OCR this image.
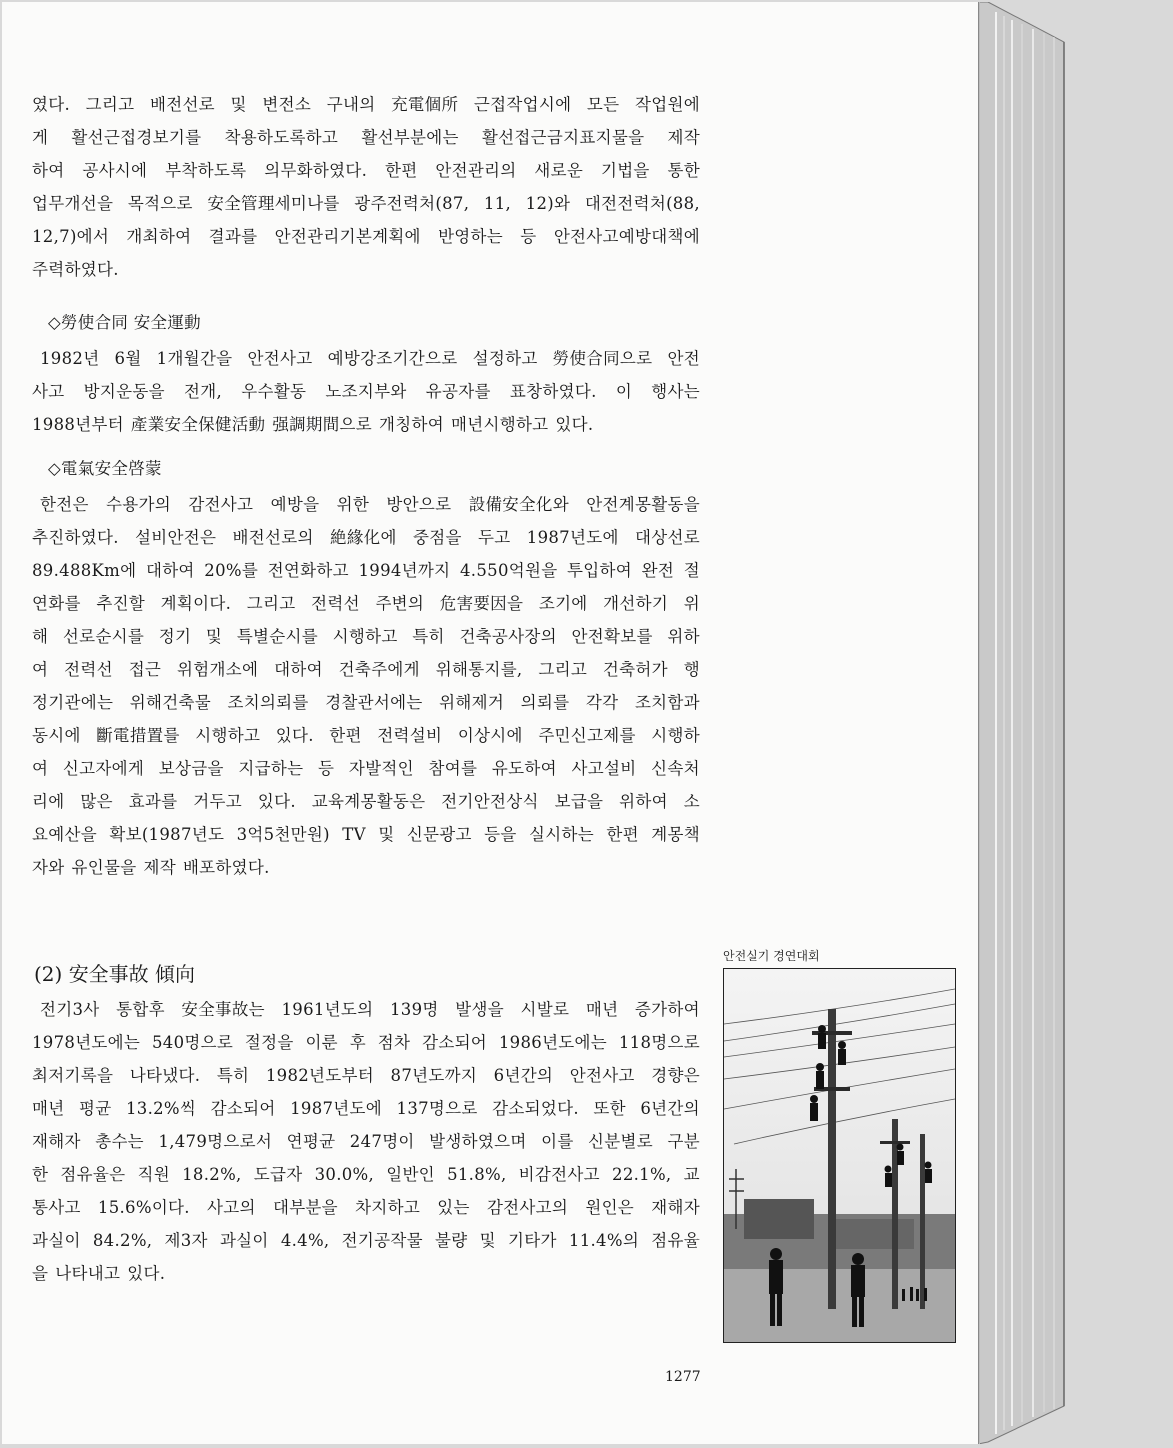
였다. 그리고 배전선로 및 변전소 구내의 充電個所 근접작업시에 모든 작업원에
게 활선근접경보기를 착용하도록하고 활선부분에는 활선접근금지표지물을 제작
하여 공사시에 부착하도록 의무화하였다. 한편 안전관리의 새로운 기법을 통한
업무개선을 목적으로 安全管理세미나를 광주전력처(87, 11, 12)와 대전전력처(88,
12,7)에서 개최하여 결과를 안전관리기본계획에 반영하는 등 안전사고예방대책에
주력하였다.
◇勞使合同 安全運動
1982년 6월 1개월간을 안전사고 예방강조기간으로 설정하고 勞使合同으로 안전
사고 방지운동을 전개, 우수활동 노조지부와 유공자를 표창하였다. 이 행사는
1988년부터 產業安全保健活動 强調期間으로 개칭하여 매년시행하고 있다.
◇電氣安全啓蒙
한전은 수용가의 감전사고 예방을 위한 방안으로 設備安全化와 안전계몽활동을
추진하였다. 설비안전은 배전선로의 絶緣化에 중점을 두고 1987년도에 대상선로
89.488Km에 대하여 20%를 전연화하고 1994년까지 4.550억원을 투입하여 완전 절
연화를 추진할 계획이다. 그리고 전력선 주변의 危害要因을 조기에 개선하기 위
해 선로순시를 정기 및 특별순시를 시행하고 특히 건축공사장의 안전확보를 위하
여 전력선 접근 위험개소에 대하여 건축주에게 위해통지를, 그리고 건축허가 행
정기관에는 위해건축물 조치의뢰를 경찰관서에는 위해제거 의뢰를 각각 조치함과
동시에 斷電措置를 시행하고 있다. 한편 전력설비 이상시에 주민신고제를 시행하
여 신고자에게 보상금을 지급하는 등 자발적인 참여를 유도하여 사고설비 신속처
리에 많은 효과를 거두고 있다. 교육계몽활동은 전기안전상식 보급을 위하여 소
요예산을 확보(1987년도 3억5천만원) TV 및 신문광고 등을 실시하는 한편 계몽책
자와 유인물을 제작 배포하였다.
(2) 安全事故 傾向
전기3사 통합후 安全事故는 1961년도의 139명 발생을 시발로 매년 증가하여
1978년도에는 540명으로 절정을 이룬 후 점차 감소되어 1986년도에는 118명으로
최저기록을 나타냈다. 특히 1982년도부터 87년도까지 6년간의 안전사고 경향은
매년 평균 13.2%씩 감소되어 1987년도에 137명으로 감소되었다. 또한 6년간의
재해자 총수는 1,479명으로서 연평균 247명이 발생하였으며 이를 신분별로 구분
한 점유율은 직원 18.2%, 도급자 30.0%, 일반인 51.8%, 비감전사고 22.1%, 교
통사고 15.6%이다. 사고의 대부분을 차지하고 있는 감전사고의 원인은 재해자
과실이 84.2%, 제3자 과실이 4.4%, 전기공작물 불량 및 기타가 11.4%의 점유율
을 나타내고 있다.
안전실기 경연대회
1277
